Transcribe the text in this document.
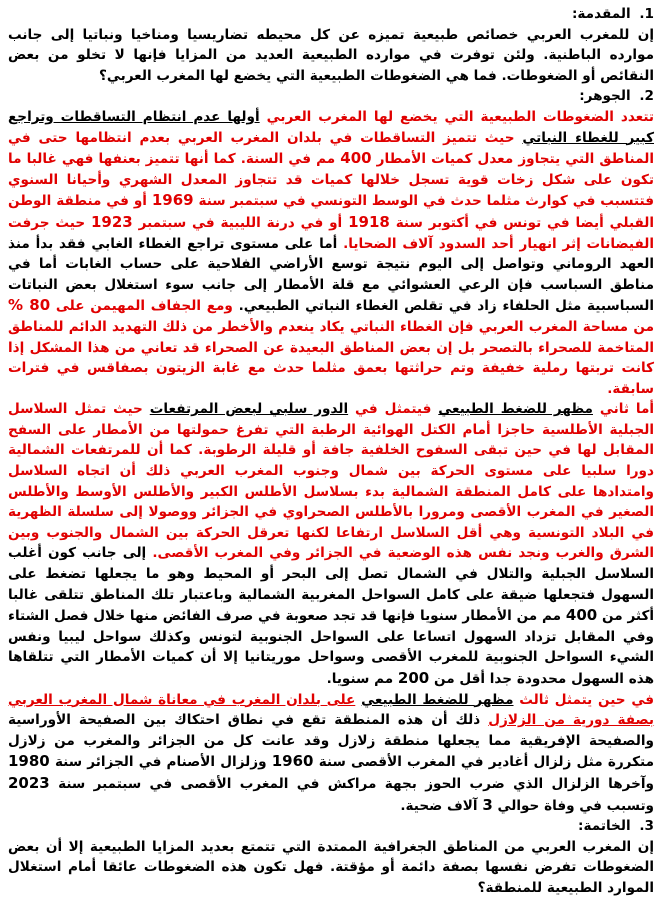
1. المقدمة:

إن للمغرب العربي خصائص طبيعية تميزه عن كل محيطه تضاريسيا ومناخيا ونباتيا إلى جانب موارده الباطنية. ولئن توفرت في موارده الطبيعية العديد من المزايا فإنها لا تخلو من بعض النقائص أو الضغوطات. فما هي الضغوطات الطبيعية التي يخضع لها المغرب العربي؟

2. الجوهر:

تتعدد الضغوطات الطبيعية التي يخضع لها المغرب العربي أولها عدم انتظام التساقطات وتراجع كبير للغطاء النباتي حيث تتميز التساقطات في بلدان المغرب العربي بعدم انتظامها حتى في المناطق التي يتجاوز معدل كميات الأمطار 400 مم في السنة. كما أنها تتميز بعنفها فهي غالبا ما تكون على شكل زخات قوية تسجل خلالها كميات قد تتجاوز المعدل الشهري وأحيانا السنوي فتتسبب في كوارث مثلما حدث في الوسط التونسي في سبتمبر سنة 1969 أو في منطقة الوطن القبلي أيضا في تونس في أكتوبر سنة 1918 أو في درنة الليبية في سبتمبر 1923 حيث جرفت الفيضانات إثر انهيار أحد السدود آلاف الضحايا. أما على مستوى تراجع الغطاء الغابي فقد بدأ منذ العهد الروماني وتواصل إلى اليوم نتيجة توسع الأراضي الفلاحية على حساب الغابات أما في مناطق السباسب فإن الرعي العشوائي مع قلة الأمطار إلى جانب سوء استغلال بعض النباتات السباسبية مثل الحلفاء زاد في تقلص الغطاء النباتي الطبيعي. ومع الجفاف المهيمن على 80 % من مساحة المغرب العربي فإن الغطاء النباتي يكاد ينعدم والأخطر من ذلك التهديد الدائم للمناطق المتاخمة للصحراء بالتصحر بل إن بعض المناطق البعيدة عن الصحراء قد تعاني من هذا المشكل إذا كانت تربتها رملية خفيفة وتم حراثتها بعمق مثلما حدث مع غابة الزيتون بصفاقس في فترات سابقة.

أما ثاني مظهر للضغط الطبيعي فيتمثل في الدور سلبي لبعض المرتفعات حيث تمثل السلاسل الجبلية الأطلسية حاجزا أمام الكتل الهوائية الرطبة التي تفرغ حمولتها من الأمطار على السفح المقابل لها في حين تبقى السفوح الخلفية جافة أو قليلة الرطوبة. كما أن للمرتفعات الشمالية دورا سلبيا على مستوى الحركة بين شمال وجنوب المغرب العربي ذلك أن اتجاه السلاسل وامتدادها على كامل المنطقة الشمالية بدء بسلاسل الأطلس الكبير والأطلس الأوسط والأطلس الصغير في المغرب الأقصى ومرورا بالأطلس الصحراوي في الجزائر ووصولا إلى سلسلة الظهرية في البلاد التونسية وهي أقل السلاسل ارتفاعا لكنها تعرقل الحركة بين الشمال والجنوب وبين الشرق والغرب ونجد نفس هذه الوضعية في الجزائر وفي المغرب الأقصى. إلى جانب كون أغلب السلاسل الجبلية والتلال في الشمال تصل إلى البحر أو المحيط وهو ما يجعلها تضغط على السهول فتجعلها ضيقة على كامل السواحل المغربية الشمالية وباعتبار تلك المناطق تتلقى غالبا أكثر من 400 مم من الأمطار سنويا فإنها قد تجد صعوبة في صرف الفائض منها خلال فصل الشتاء وفي المقابل تزداد السهول اتساعا على السواحل الجنوبية لتونس وكذلك سواحل ليبيا ونفس الشيء السواحل الجنوبية للمغرب الأقصى وسواحل موريتانيا إلا أن كميات الأمطار التي تتلقاها هذه السهول محدودة جدا أقل من 200 مم سنويا.

في حين يتمثل ثالث مظهر للضغط الطبيعي على بلدان المغرب في معاناة شمال المغرب العربي بصفة دورية من الزلازل ذلك أن هذه المنطقة تقع في نطاق احتكاك بين الصفيحة الأوراسية والصفيحة الإفريقية مما يجعلها منطقة زلازل وقد عانت كل من الجزائر والمغرب من زلازل متكررة مثل زلزال أغادير في المغرب الأقصى سنة 1960 وزلزال الأصنام في الجزائر سنة 1980 وآخرها الزلزال الذي ضرب الحوز بجهة مراكش في المغرب الأقصى في سبتمبر سنة 2023 وتسبب في وفاة حوالي 3 آلاف ضحية.

3. الخاتمة:

إن المغرب العربي من المناطق الجغرافية الممتدة التي تتمتع بعديد المزايا الطبيعية إلا أن بعض الضغوطات تفرض نفسها بصفة دائمة أو مؤقتة. فهل تكون هذه الضغوطات عائقا أمام استغلال الموارد الطبيعية للمنطقة؟
